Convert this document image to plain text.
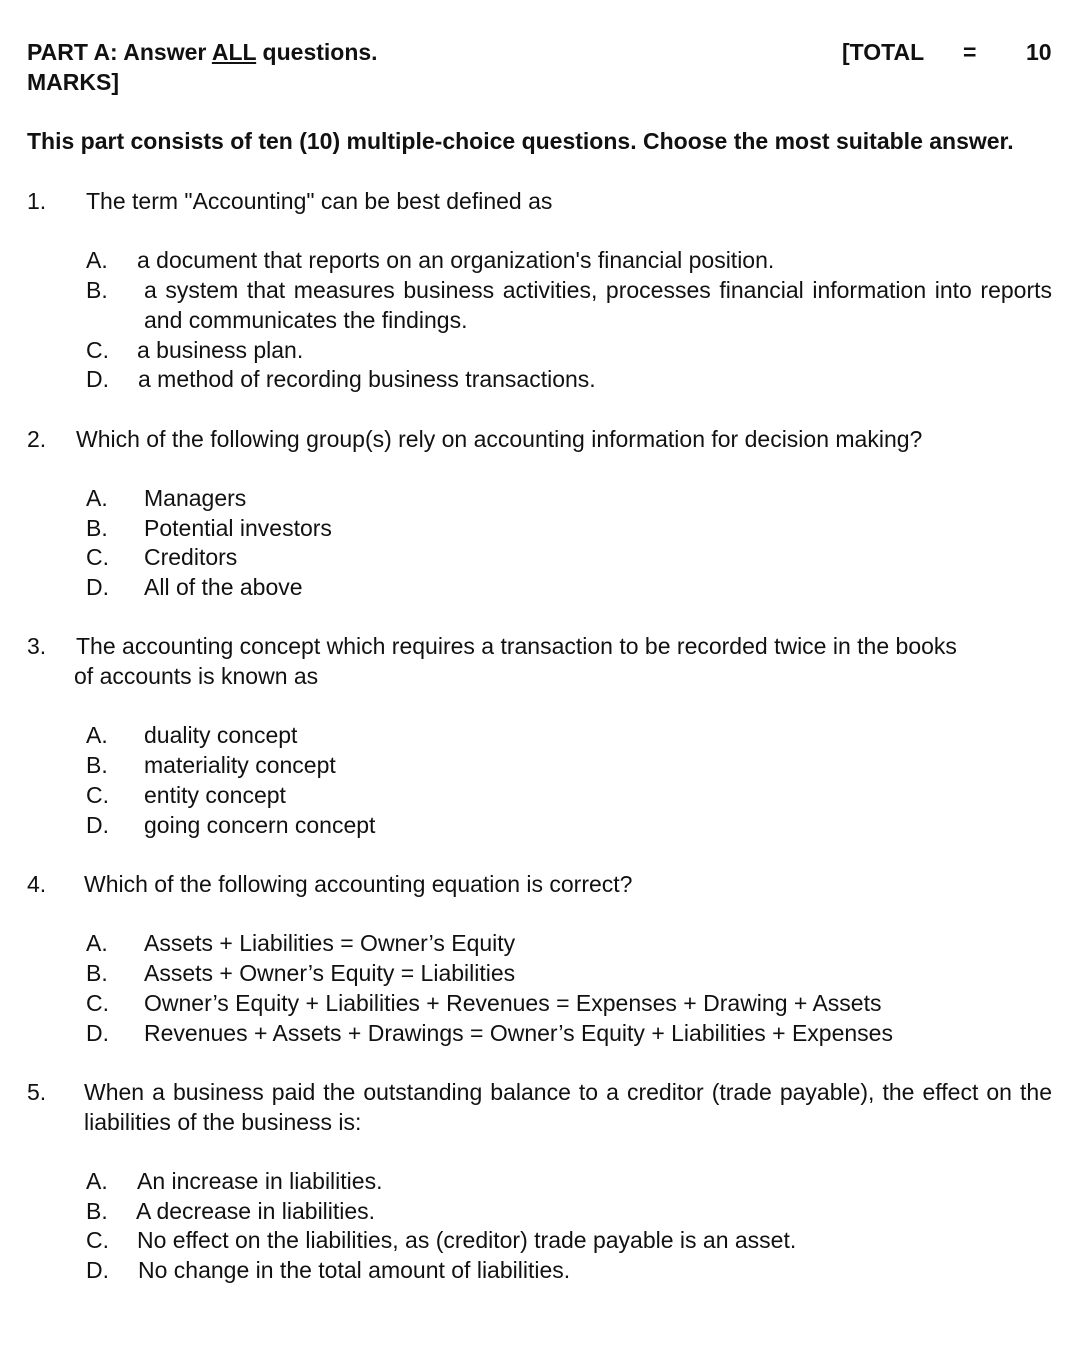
PART A: Answer ALL questions.	[TOTAL = 10
MARKS]
This part consists of ten (10) multiple-choice questions. Choose the most suitable answer.
1. The term "Accounting" can be best defined as
A. a document that reports on an organization's financial position.
B. a system that measures business activities, processes financial information into reports
and communicates the findings.
C. a business plan.
D. a method of recording business transactions.
2. Which of the following group(s) rely on accounting information for decision making?
A. Managers
B. Potential investors
C. Creditors
D. All of the above
3. The accounting concept which requires a transaction to be recorded twice in the books
of accounts is known as
A. duality concept
B. materiality concept
C. entity concept
D. going concern concept
4. Which of the following accounting equation is correct?
A. Assets + Liabilities = Owner’s Equity
B. Assets + Owner’s Equity = Liabilities
C. Owner’s Equity + Liabilities + Revenues = Expenses + Drawing + Assets
D. Revenues + Assets + Drawings = Owner’s Equity + Liabilities + Expenses
5. When a business paid the outstanding balance to a creditor (trade payable), the effect on the
liabilities of the business is:
A. An increase in liabilities.
B. A decrease in liabilities.
C. No effect on the liabilities, as (creditor) trade payable is an asset.
D. No change in the total amount of liabilities.
